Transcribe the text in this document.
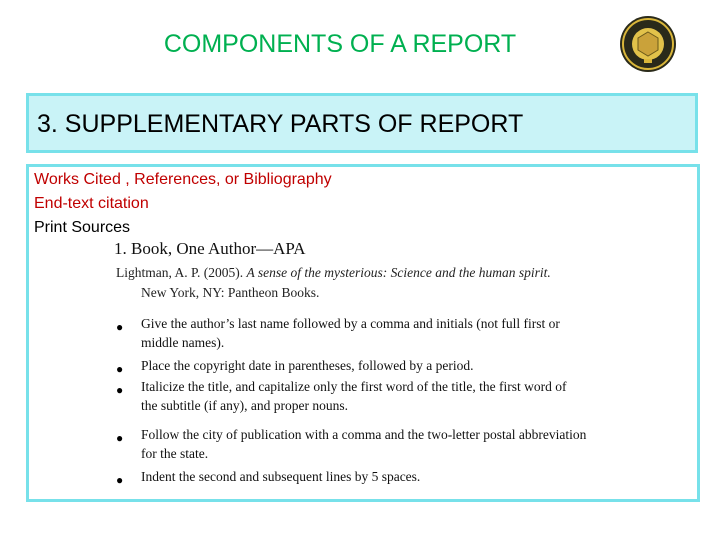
COMPONENTS OF A REPORT
3. SUPPLEMENTARY PARTS OF REPORT
Works Cited , References, or Bibliography
End-text citation
Print Sources
1. Book, One Author—APA
Lightman, A. P. (2005). A sense of the mysterious: Science and the human spirit.
New York, NY: Pantheon Books.
● Give the author’s last name followed by a comma and initials (not full first or
middle names).
● Place the copyright date in parentheses, followed by a period.
● Italicize the title, and capitalize only the first word of the title, the first word of
the subtitle (if any), and proper nouns.
● Follow the city of publication with a comma and the two-letter postal abbreviation
for the state.
● Indent the second and subsequent lines by 5 spaces.
